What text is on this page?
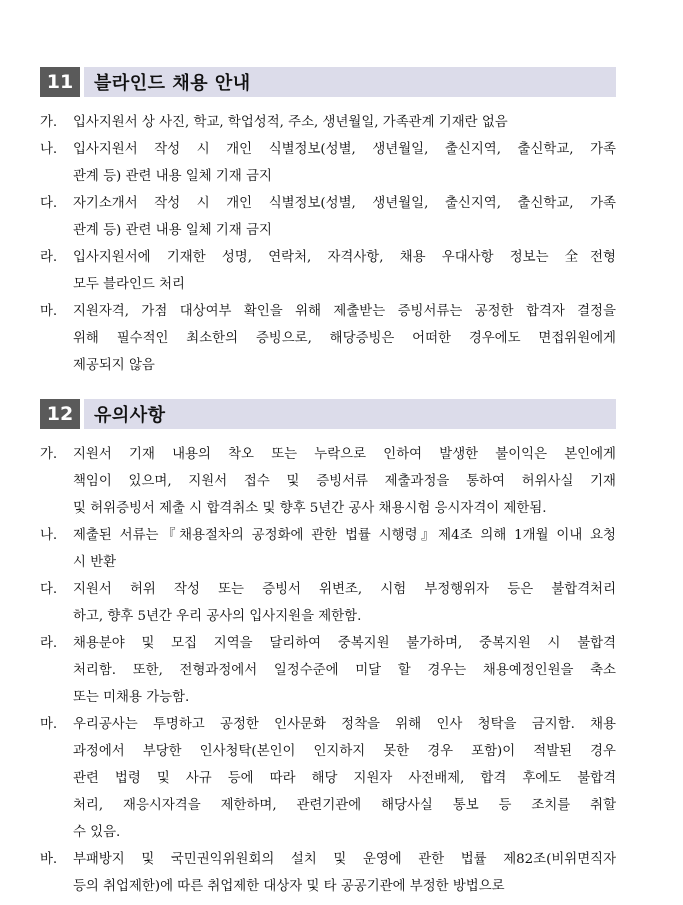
11	블라인드 채용 안내
가.	입사지원서 상 사진, 학교, 학업성적, 주소, 생년월일, 가족관계 기재란 없음
나.	입사지원서 작성 시 개인 식별정보(성별, 생년월일, 출신지역, 출신학교, 가족
관계 등) 관련 내용 일체 기재 금지
다.	자기소개서 작성 시 개인 식별정보(성별, 생년월일, 출신지역, 출신학교, 가족
관계 등) 관련 내용 일체 기재 금지
라.	입사지원서에 기재한 성명, 연락처, 자격사항, 채용 우대사항 정보는 全전형
모두 블라인드 처리
마.	지원자격, 가점 대상여부 확인을 위해 제출받는 증빙서류는 공정한 합격자 결정을
위해 필수적인 최소한의 증빙으로, 해당증빙은 어떠한 경우에도 면접위원에게
제공되지 않음
12	유의사항
가.	지원서 기재 내용의 착오 또는 누락으로 인하여 발생한 불이익은 본인에게
책임이 있으며, 지원서 접수 및 증빙서류 제출과정을 통하여 허위사실 기재
및 허위증빙서 제출 시 합격취소 및 향후 5년간 공사 채용시험 응시자격이 제한됨.
나.	제출된 서류는『채용절차의 공정화에 관한 법률 시행령』제4조 의해 1개월 이내 요청
시 반환
다.	지원서 허위 작성 또는 증빙서 위변조, 시험 부정행위자 등은 불합격처리
하고, 향후 5년간 우리 공사의 입사지원을 제한함.
라.	채용분야 및 모집 지역을 달리하여 중복지원 불가하며, 중복지원 시 불합격
처리함. 또한, 전형과정에서 일정수준에 미달 할 경우는 채용예정인원을 축소
또는 미채용 가능함.
마.	우리공사는 투명하고 공정한 인사문화 정착을 위해 인사 청탁을 금지함. 채용
과정에서 부당한 인사청탁(본인이 인지하지 못한 경우 포함)이 적발된 경우
관련 법령 및 사규 등에 따라 해당 지원자 사전배제, 합격 후에도 불합격
처리, 재응시자격을 제한하며, 관련기관에 해당사실 통보 등 조치를 취할
수 있음.
바.	부패방지 및 국민권익위원회의 설치 및 운영에 관한 법률 제82조(비위면직자
등의 취업제한)에 따른 취업제한 대상자 및 타 공공기관에 부정한 방법으로
